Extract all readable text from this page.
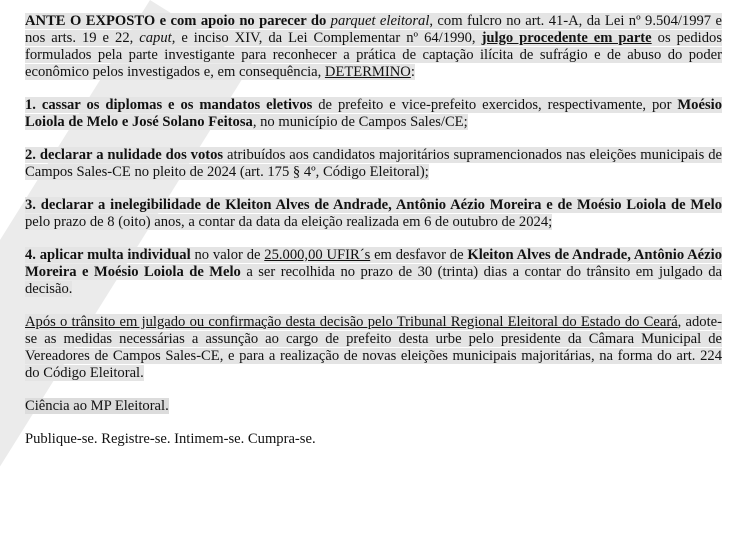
ANTE O EXPOSTO e com apoio no parecer do parquet eleitoral, com fulcro no art. 41-A, da Lei nº 9.504/1997 e nos arts. 19 e 22, caput, e inciso XIV, da Lei Complementar nº 64/1990, julgo procedente em parte os pedidos formulados pela parte investigante para reconhecer a prática de captação ilícita de sufrágio e de abuso do poder econômico pelos investigados e, em consequência, DETERMINO:

1. cassar os diplomas e os mandatos eletivos de prefeito e vice-prefeito exercidos, respectivamente, por Moésio Loiola de Melo e José Solano Feitosa, no município de Campos Sales/CE;

2. declarar a nulidade dos votos atribuídos aos candidatos majoritários supramencionados nas eleições municipais de Campos Sales-CE no pleito de 2024 (art. 175 § 4º, Código Eleitoral);

3. declarar a inelegibilidade de Kleiton Alves de Andrade, Antônio Aézio Moreira e de Moésio Loiola de Melo pelo prazo de 8 (oito) anos, a contar da data da eleição realizada em 6 de outubro de 2024;

4. aplicar multa individual no valor de 25.000,00 UFIR´s em desfavor de Kleiton Alves de Andrade, Antônio Aézio Moreira e Moésio Loiola de Melo a ser recolhida no prazo de 30 (trinta) dias a contar do trânsito em julgado da decisão.

Após o trânsito em julgado ou confirmação desta decisão pelo Tribunal Regional Eleitoral do Estado do Ceará, adote-se as medidas necessárias a assunção ao cargo de prefeito desta urbe pelo presidente da Câmara Municipal de Vereadores de Campos Sales-CE, e para a realização de novas eleições municipais majoritárias, na forma do art. 224 do Código Eleitoral.

Ciência ao MP Eleitoral.

Publique-se. Registre-se. Intimem-se. Cumpra-se.
